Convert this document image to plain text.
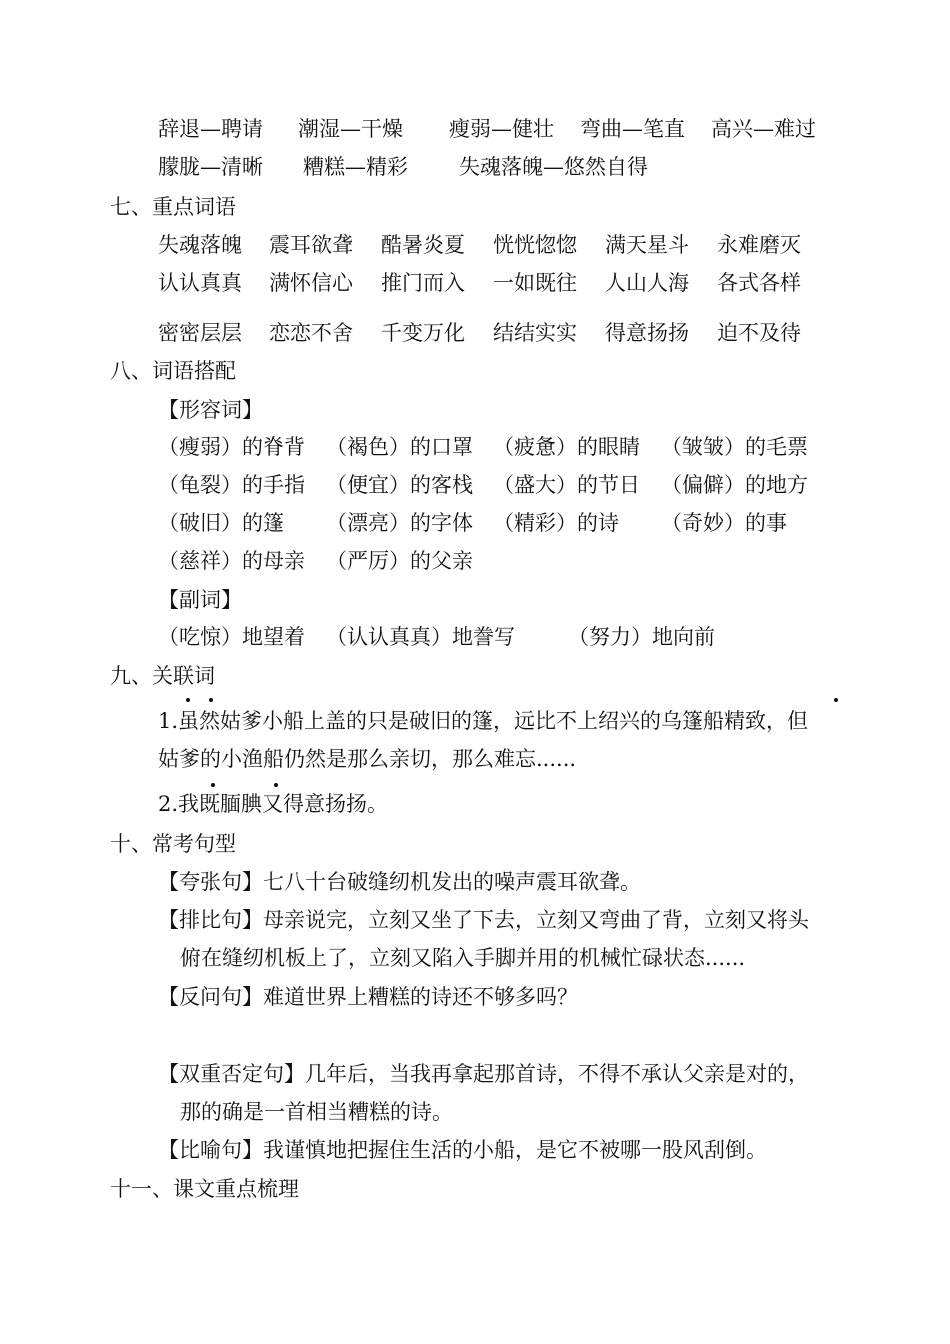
辞退—聘请 潮湿—干燥 瘦弱—健壮 弯曲—笔直 高兴—难过
朦胧—清晰 糟糕—精彩 失魂落魄—悠然自得
七、重点词语
失魂落魄 震耳欲聋 酷暑炎夏 恍恍惚惚 满天星斗 永难磨灭
认认真真 满怀信心 推门而入 一如既往 人山人海 各式各样
密密层层 恋恋不舍 千变万化 结结实实 得意扬扬 迫不及待
八、词语搭配
【形容词】
（瘦弱）的脊背 （褐色）的口罩 （疲惫）的眼睛 （皱皱）的毛票
（龟裂）的手指 （便宜）的客栈 （盛大）的节日 （偏僻）的地方
（破旧）的篷 （漂亮）的字体 （精彩）的诗 （奇妙）的事
（慈祥）的母亲 （严厉）的父亲
【副词】
（吃惊）地望着 （认认真真）地誊写	（努力）地向前
九、关联词
1.虽然姑爹小船上盖的只是破旧的篷，远比不上绍兴的乌篷船精致，但
姑爹的小渔船仍然是那么亲切，那么难忘......
2.我既腼腆又得意扬扬。
十、常考句型
【夸张句】七八十台破缝纫机发出的噪声震耳欲聋。
【排比句】母亲说完，立刻又坐了下去，立刻又弯曲了背，立刻又将头
俯在缝纫机板上了，立刻又陷入手脚并用的机械忙碌状态......
【反问句】难道世界上糟糕的诗还不够多吗？
【双重否定句】几年后，当我再拿起那首诗，不得不承认父亲是对的，
那的确是一首相当糟糕的诗。
【比喻句】我谨慎地把握住生活的小船，是它不被哪一股风刮倒。
十一、课文重点梳理
